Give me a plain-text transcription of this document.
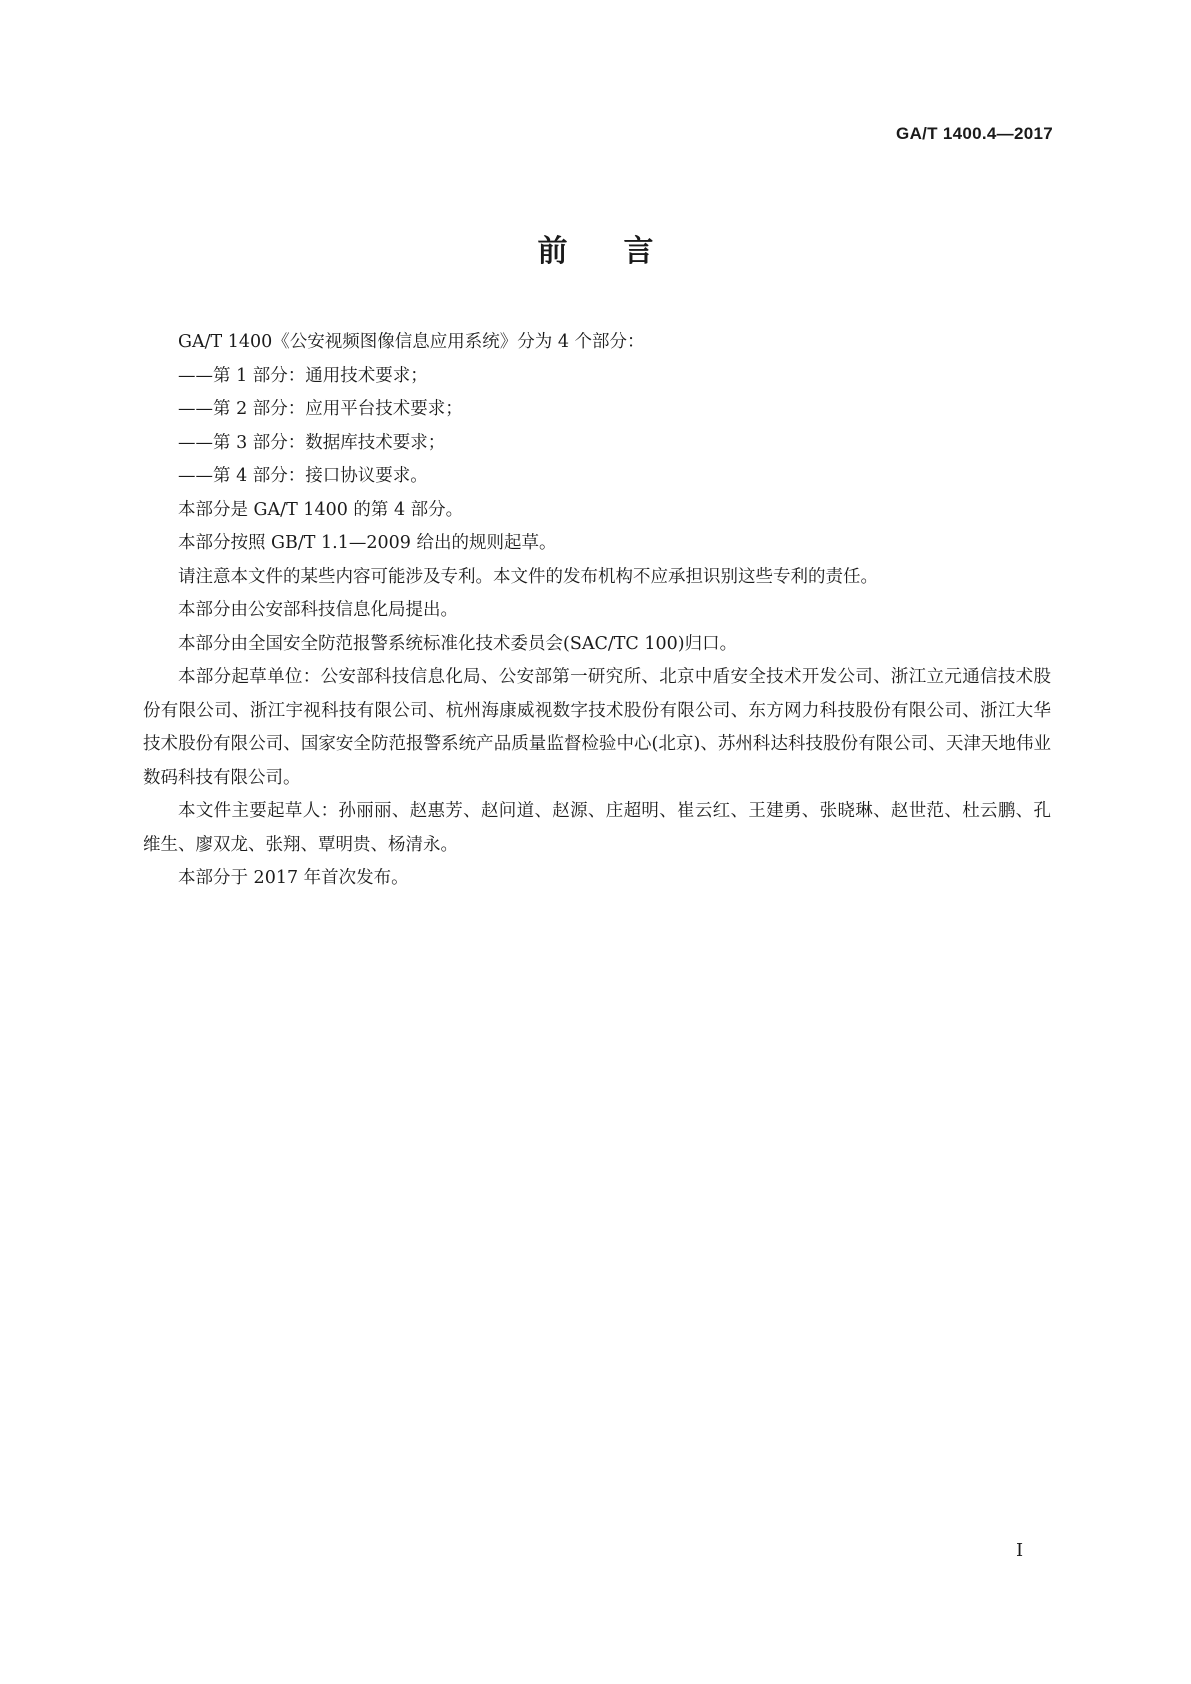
GA/T 1400.4—2017
前言

GA/T 1400《公安视频图像信息应用系统》分为 4 个部分：

——第 1 部分：通用技术要求；

——第 2 部分：应用平台技术要求；

——第 3 部分：数据库技术要求；

——第 4 部分：接口协议要求。

本部分是 GA/T 1400 的第 4 部分。

本部分按照 GB/T 1.1—2009 给出的规则起草。

请注意本文件的某些内容可能涉及专利。本文件的发布机构不应承担识别这些专利的责任。

本部分由公安部科技信息化局提出。

本部分由全国安全防范报警系统标准化技术委员会(SAC/TC 100)归口。

本部分起草单位：公安部科技信息化局、公安部第一研究所、北京中盾安全技术开发公司、浙江立元通信技术股份有限公司、浙江宇视科技有限公司、杭州海康威视数字技术股份有限公司、东方网力科技股份有限公司、浙江大华技术股份有限公司、国家安全防范报警系统产品质量监督检验中心(北京)、苏州科达科技股份有限公司、天津天地伟业数码科技有限公司。

本文件主要起草人：孙丽丽、赵惠芳、赵问道、赵源、庄超明、崔云红、王建勇、张晓琳、赵世范、杜云鹏、孔维生、廖双龙、张翔、覃明贵、杨清永。

本部分于 2017 年首次发布。

I
